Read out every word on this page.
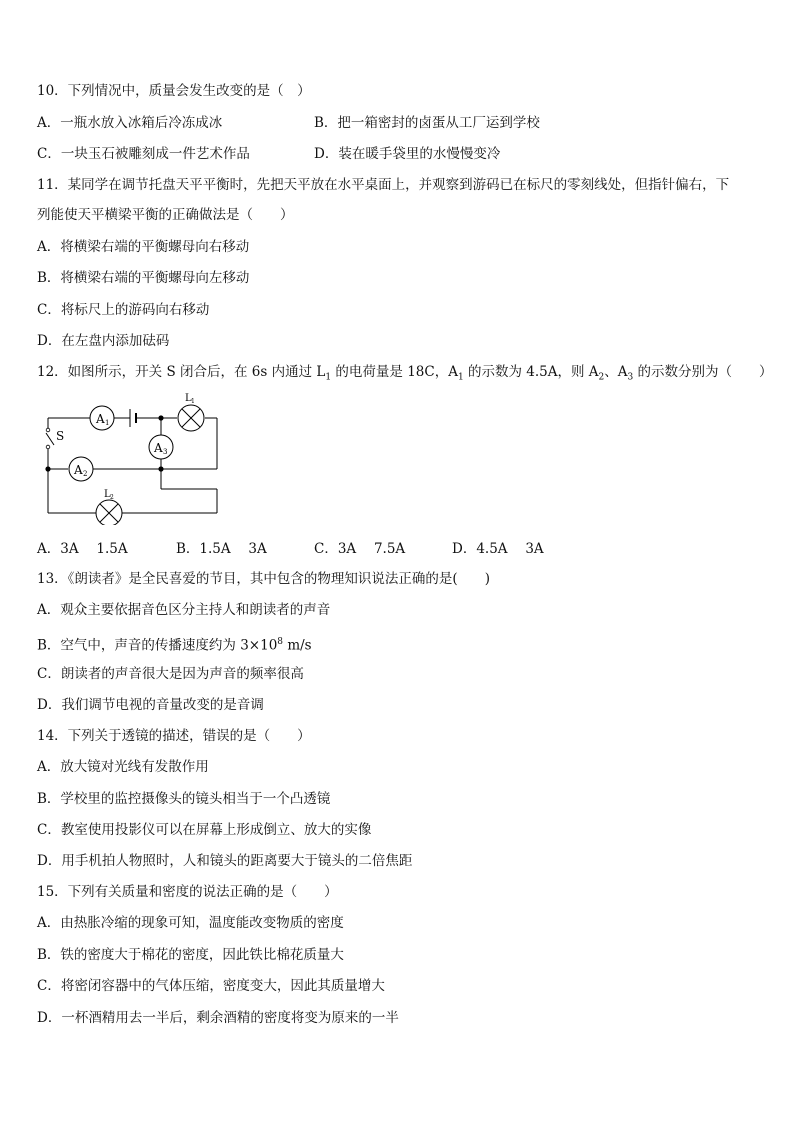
10．下列情况中，质量会发生改变的是（　）
A．一瓶水放入冰箱后冷冻成冰	B．把一箱密封的卤蛋从工厂运到学校
C．一块玉石被雕刻成一件艺术作品	D．装在暖手袋里的水慢慢变冷
11．某同学在调节托盘天平平衡时，先把天平放在水平桌面上，并观察到游码已在标尺的零刻线处，但指针偏右，下
列能使天平横梁平衡的正确做法是（　　）
A．将横梁右端的平衡螺母向右移动
B．将横梁右端的平衡螺母向左移动
C．将标尺上的游码向右移动
D．在左盘内添加砝码
12．如图所示，开关 S 闭合后，在 6s 内通过 $L_1$ 的电荷量是 18C，$A_1$ 的示数为 4.5A，则 $A_2$、$A_3$ 的示数分别为（　　）
A 1
L 1
A 3
A 2
L 2
S
A．3A　 1.5A	B．1.5A　 3A	C．3A　 7.5A	D．4.5A　 3A
13．《朗读者》是全民喜爱的节目，其中包含的物理知识说法正确的是(　　)
A．观众主要依据音色区分主持人和朗读者的声音
B．空气中，声音的传播速度约为 $3\times 10^8$ m/s
C．朗读者的声音很大是因为声音的频率很高
D．我们调节电视的音量改变的是音调
14．下列关于透镜的描述，错误的是（　　）
A．放大镜对光线有发散作用
B．学校里的监控摄像头的镜头相当于一个凸透镜
C．教室使用投影仪可以在屏幕上形成倒立、放大的实像
D．用手机拍人物照时，人和镜头的距离要大于镜头的二倍焦距
15．下列有关质量和密度的说法正确的是（　　）
A．由热胀冷缩的现象可知，温度能改变物质的密度
B．铁的密度大于棉花的密度，因此铁比棉花质量大
C．将密闭容器中的气体压缩，密度变大，因此其质量增大
D．一杯酒精用去一半后，剩余酒精的密度将变为原来的一半
